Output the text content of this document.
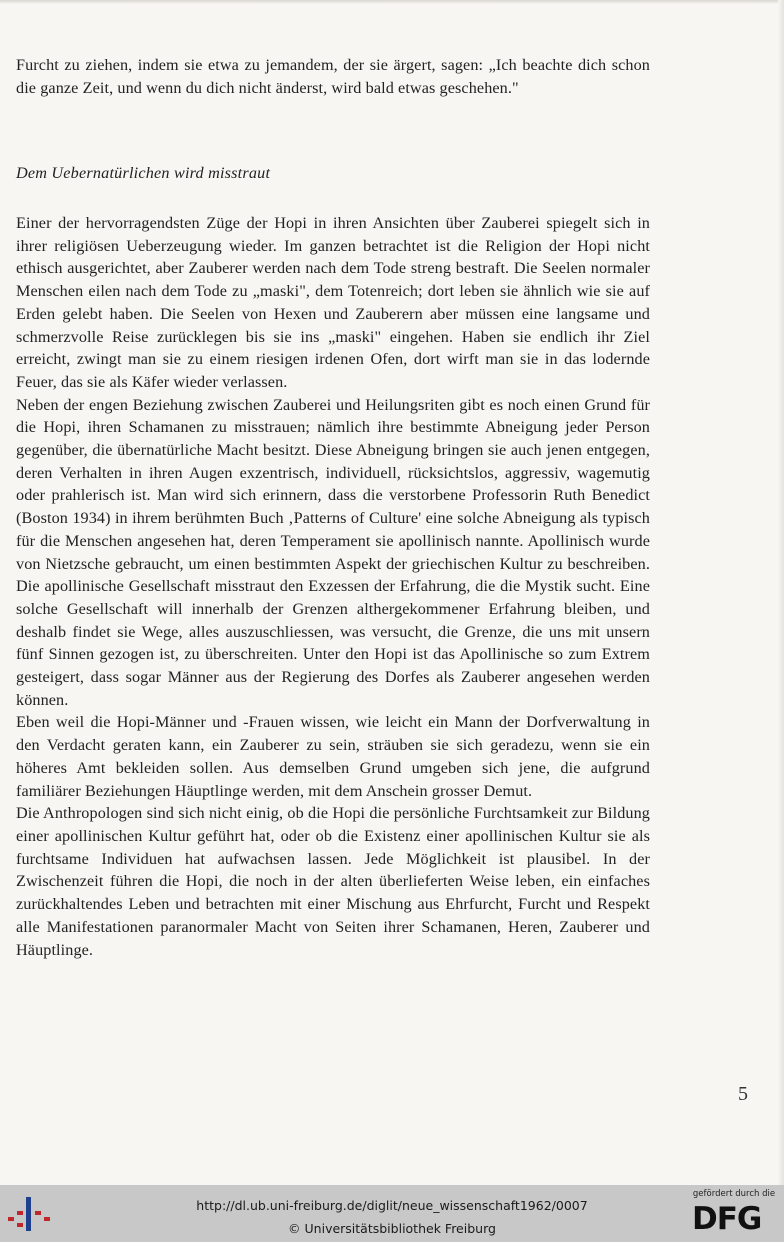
Furcht zu ziehen, indem sie etwa zu jemandem, der sie ärgert, sagen: „Ich beachte dich schon die ganze Zeit, und wenn du dich nicht änderst, wird bald etwas geschehen."
Dem Uebernatürlichen wird misstraut

Einer der hervorragendsten Züge der Hopi in ihren Ansichten über Zauberei spiegelt sich in ihrer religiösen Ueberzeugung wieder. Im ganzen betrachtet ist die Religion der Hopi nicht ethisch ausgerichtet, aber Zauberer werden nach dem Tode streng bestraft. Die Seelen normaler Menschen eilen nach dem Tode zu „maski", dem Totenreich; dort leben sie ähnlich wie sie auf Erden gelebt haben. Die Seelen von Hexen und Zauberern aber müssen eine langsame und schmerzvolle Reise zurücklegen bis sie ins „maski" eingehen. Haben sie endlich ihr Ziel erreicht, zwingt man sie zu einem riesigen irdenen Ofen, dort wirft man sie in das lodernde Feuer, das sie als Käfer wieder verlassen.

Neben der engen Beziehung zwischen Zauberei und Heilungsriten gibt es noch einen Grund für die Hopi, ihren Schamanen zu misstrauen; nämlich ihre bestimmte Abneigung jeder Person gegenüber, die übernatürliche Macht besitzt. Diese Abneigung bringen sie auch jenen entgegen, deren Verhalten in ihren Augen exzentrisch, individuell, rücksichtslos, aggressiv, wagemutig oder prahlerisch ist. Man wird sich erinnern, dass die verstorbene Professorin Ruth Benedict (Boston 1934) in ihrem berühmten Buch ‚Patterns of Culture' eine solche Abneigung als typisch für die Menschen angesehen hat, deren Temperament sie apollinisch nannte. Apollinisch wurde von Nietzsche gebraucht, um einen bestimmten Aspekt der griechischen Kultur zu beschreiben. Die apollinische Gesellschaft misstraut den Exzessen der Erfahrung, die die Mystik sucht. Eine solche Gesellschaft will innerhalb der Grenzen althergekommener Erfahrung bleiben, und deshalb findet sie Wege, alles auszuschliessen, was versucht, die Grenze, die uns mit unsern fünf Sinnen gezogen ist, zu überschreiten. Unter den Hopi ist das Apollinische so zum Extrem gesteigert, dass sogar Männer aus der Regierung des Dorfes als Zauberer angesehen werden können.

Eben weil die Hopi-Männer und -Frauen wissen, wie leicht ein Mann der Dorfverwaltung in den Verdacht geraten kann, ein Zauberer zu sein, sträuben sie sich geradezu, wenn sie ein höheres Amt bekleiden sollen. Aus demselben Grund umgeben sich jene, die aufgrund familiärer Beziehungen Häuptlinge werden, mit dem Anschein grosser Demut.

Die Anthropologen sind sich nicht einig, ob die Hopi die persönliche Furchtsamkeit zur Bildung einer apollinischen Kultur geführt hat, oder ob die Existenz einer apollinischen Kultur sie als furchtsame Individuen hat aufwachsen lassen. Jede Möglichkeit ist plausibel. In der Zwischenzeit führen die Hopi, die noch in der alten überlieferten Weise leben, ein einfaches zurückhaltendes Leben und betrachten mit einer Mischung aus Ehrfurcht, Furcht und Respekt alle Manifestationen paranormaler Macht von Seiten ihrer Schamanen, Heren, Zauberer und Häuptlinge.

5
http://dl.ub.uni-freiburg.de/diglit/neue_wissenschaft1962/0007
© Universitätsbibliothek Freiburg
gefördert durch die
DFG
